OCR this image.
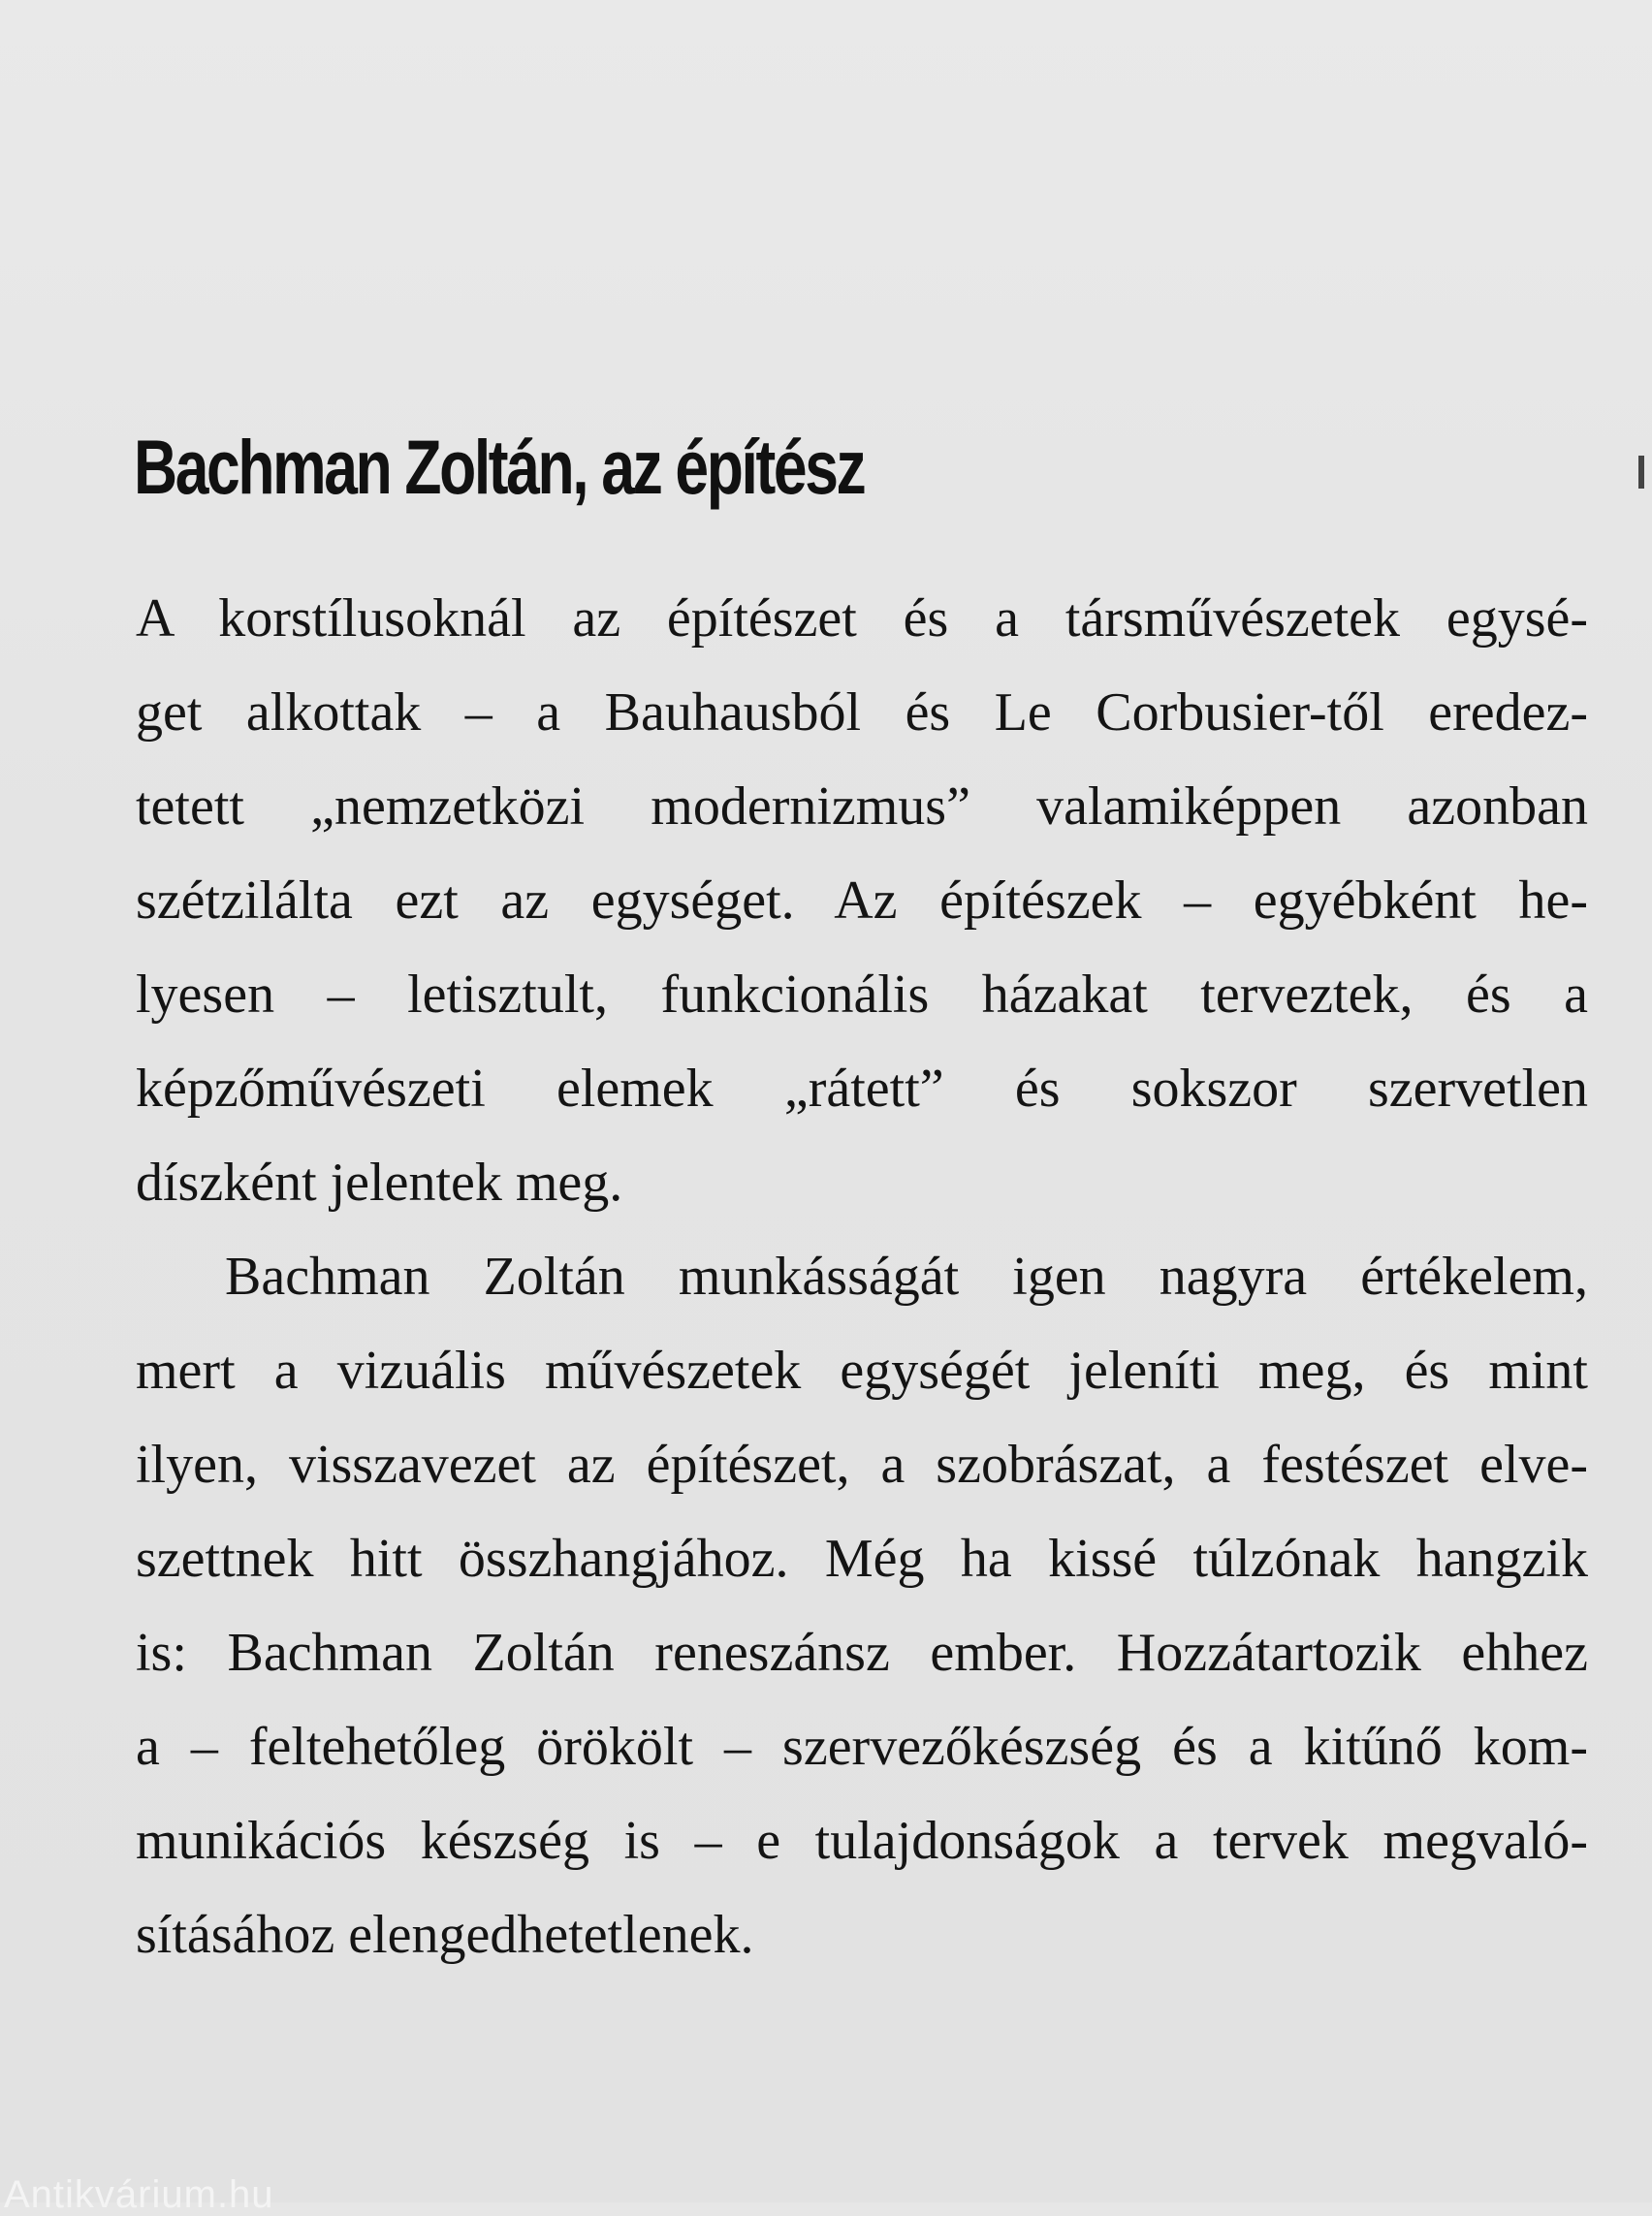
Bachman Zoltán, az építész
A korstílusoknál az építészet és a társművészetek egysé-
get alkottak – a Bauhausból és Le Corbusier-től eredez-
tetett „nemzetközi modernizmus” valamiképpen azonban
szétzilálta ezt az egységet. Az építészek – egyébként he-
lyesen – letisztult, funkcionális házakat terveztek, és a
képzőművészeti elemek „rátett” és sokszor szervetlen
díszként jelentek meg.
Bachman Zoltán munkásságát igen nagyra értékelem,
mert a vizuális művészetek egységét jeleníti meg, és mint
ilyen, visszavezet az építészet, a szobrászat, a festészet elve-
szettnek hitt összhangjához. Még ha kissé túlzónak hangzik
is: Bachman Zoltán reneszánsz ember. Hozzátartozik ehhez
a – feltehetőleg örökölt – szervezőkészség és a kitűnő kom-
munikációs készség is – e tulajdonságok a tervek megvaló-
sításához elengedhetetlenek.
Antikvárium.hu
